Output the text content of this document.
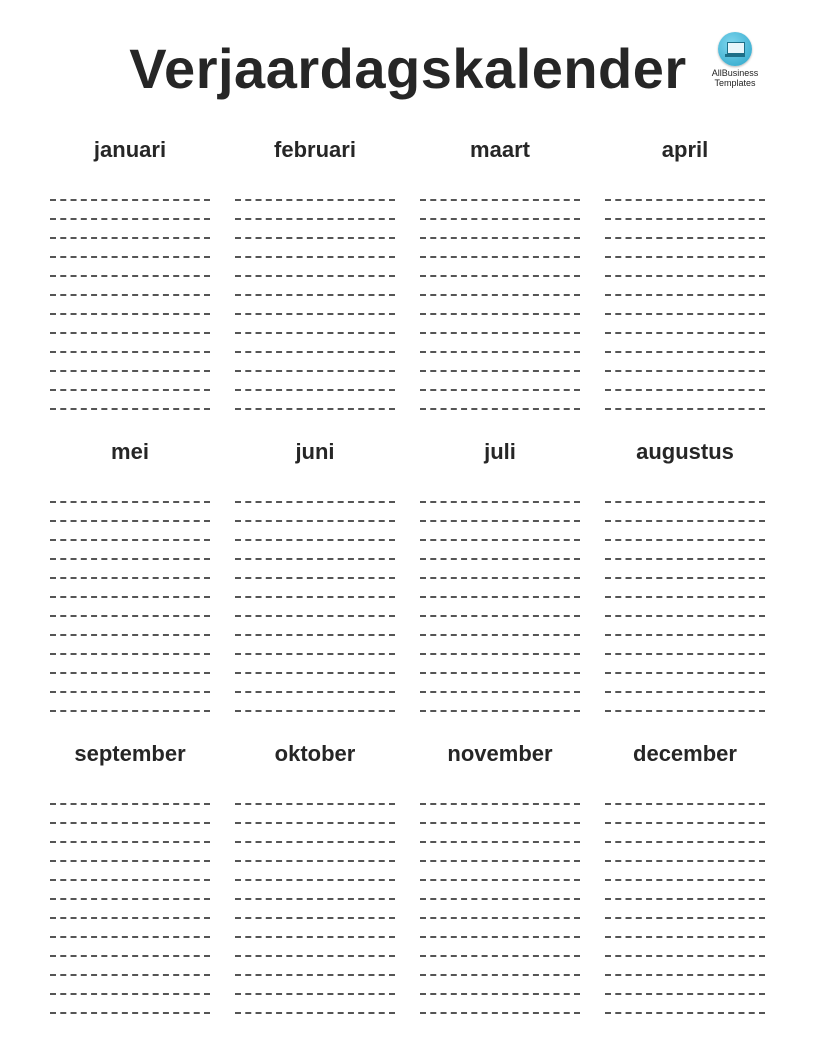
Verjaardagskalender	AllBusiness
Templates
januari	februari	maart	april
mei	juni	juli	augustus
september	oktober	november	december
